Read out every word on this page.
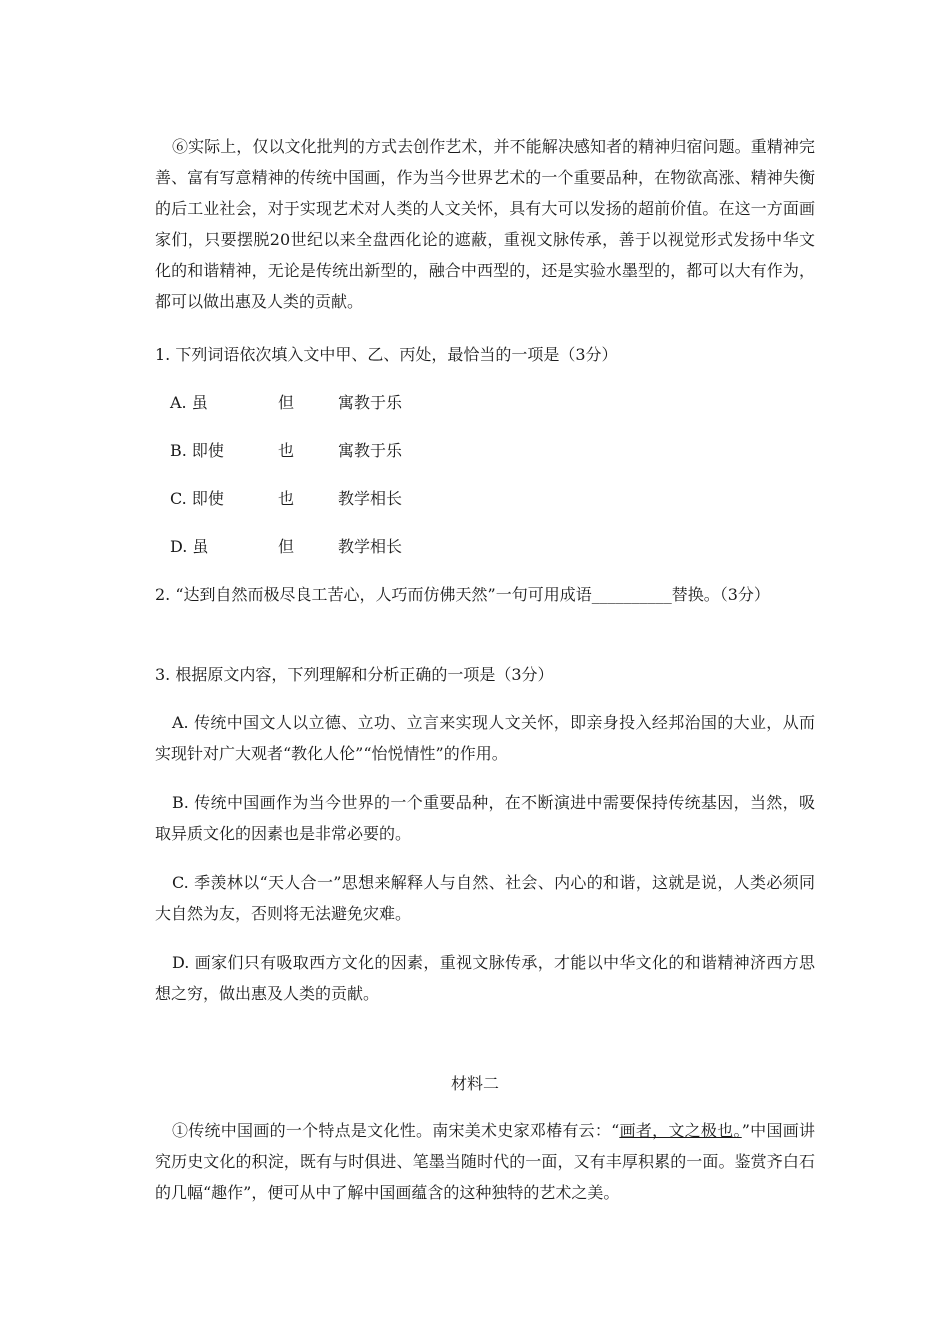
⑥实际上，仅以文化批判的方式去创作艺术，并不能解决感知者的精神归宿问题。重精神完善、富有写意精神的传统中国画，作为当今世界艺术的一个重要品种，在物欲高涨、精神失衡的后工业社会，对于实现艺术对人类的人文关怀，具有大可以发扬的超前价值。在这一方面画家们，只要摆脱20世纪以来全盘西化论的遮蔽，重视文脉传承，善于以视觉形式发扬中华文化的和谐精神，无论是传统出新型的，融合中西型的，还是实验水墨型的，都可以大有作为，都可以做出惠及人类的贡献。

1. 下列词语依次填入文中甲、乙、丙处，最恰当的一项是（3分）

A. 虽	但	寓教于乐
B. 即使	也	寓教于乐
C. 即使	也	教学相长
D. 虽	但	教学相长

2. “达到自然而极尽良工苦心，人巧而仿佛天然”一句可用成语__________替换。（3分）

3. 根据原文内容，下列理解和分析正确的一项是（3分）

A. 传统中国文人以立德、立功、立言来实现人文关怀，即亲身投入经邦治国的大业，从而实现针对广大观者“教化人伦”“怡悦情性”的作用。

B. 传统中国画作为当今世界的一个重要品种，在不断演进中需要保持传统基因，当然，吸取异质文化的因素也是非常必要的。

C. 季羡林以“天人合一”思想来解释人与自然、社会、内心的和谐，这就是说，人类必须同大自然为友，否则将无法避免灾难。

D. 画家们只有吸取西方文化的因素，重视文脉传承，才能以中华文化的和谐精神济西方思想之穷，做出惠及人类的贡献。

材料二

①传统中国画的一个特点是文化性。南宋美术史家邓椿有云：“画者，文之极也。”中国画讲究历史文化的积淀，既有与时俱进、笔墨当随时代的一面，又有丰厚积累的一面。鉴赏齐白石的几幅“趣作”，便可从中了解中国画蕴含的这种独特的艺术之美。
